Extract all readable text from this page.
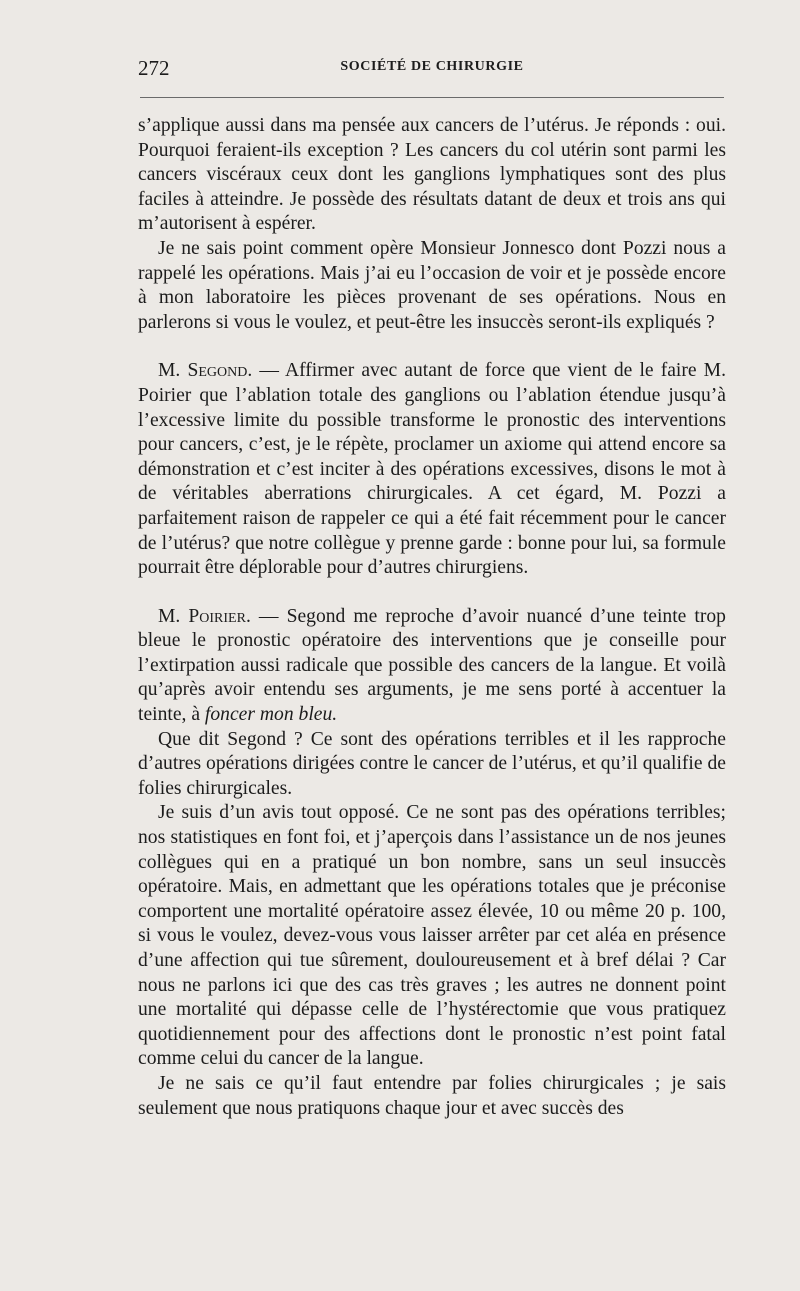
272	SOCIÉTÉ DE CHIRURGIE

s’applique aussi dans ma pensée aux cancers de l’utérus. Je réponds : oui. Pourquoi feraient-ils exception ? Les cancers du col utérin sont parmi les cancers viscéraux ceux dont les ganglions lymphatiques sont des plus faciles à atteindre. Je possède des résultats datant de deux et trois ans qui m’autorisent à espérer.

Je ne sais point comment opère Monsieur Jonnesco dont Pozzi nous a rappelé les opérations. Mais j’ai eu l’occasion de voir et je possède encore à mon laboratoire les pièces provenant de ses opérations. Nous en parlerons si vous le voulez, et peut-être les insuccès seront-ils expliqués ?

M. Segond. — Affirmer avec autant de force que vient de le faire M. Poirier que l’ablation totale des ganglions ou l’ablation étendue jusqu’à l’excessive limite du possible transforme le pronostic des interventions pour cancers, c’est, je le répète, proclamer un axiome qui attend encore sa démonstration et c’est inciter à des opérations excessives, disons le mot à de véritables aberrations chirurgicales. A cet égard, M. Pozzi a parfaitement raison de rappeler ce qui a été fait récemment pour le cancer de l’utérus? que notre collègue y prenne garde : bonne pour lui, sa formule pourrait être déplorable pour d’autres chirurgiens.

M. Poirier. — Segond me reproche d’avoir nuancé d’une teinte trop bleue le pronostic opératoire des interventions que je conseille pour l’extirpation aussi radicale que possible des cancers de la langue. Et voilà qu’après avoir entendu ses arguments, je me sens porté à accentuer la teinte, à foncer mon bleu.

Que dit Segond ? Ce sont des opérations terribles et il les rapproche d’autres opérations dirigées contre le cancer de l’utérus, et qu’il qualifie de folies chirurgicales.

Je suis d’un avis tout opposé. Ce ne sont pas des opérations terribles; nos statistiques en font foi, et j’aperçois dans l’assistance un de nos jeunes collègues qui en a pratiqué un bon nombre, sans un seul insuccès opératoire. Mais, en admettant que les opérations totales que je préconise comportent une mortalité opératoire assez élevée, 10 ou même 20 p. 100, si vous le voulez, devez-vous vous laisser arrêter par cet aléa en présence d’une affection qui tue sûrement, douloureusement et à bref délai ? Car nous ne parlons ici que des cas très graves ; les autres ne donnent point une mortalité qui dépasse celle de l’hystérectomie que vous pratiquez quotidiennement pour des affections dont le pronostic n’est point fatal comme celui du cancer de la langue.

Je ne sais ce qu’il faut entendre par folies chirurgicales ; je sais seulement que nous pratiquons chaque jour et avec succès des
